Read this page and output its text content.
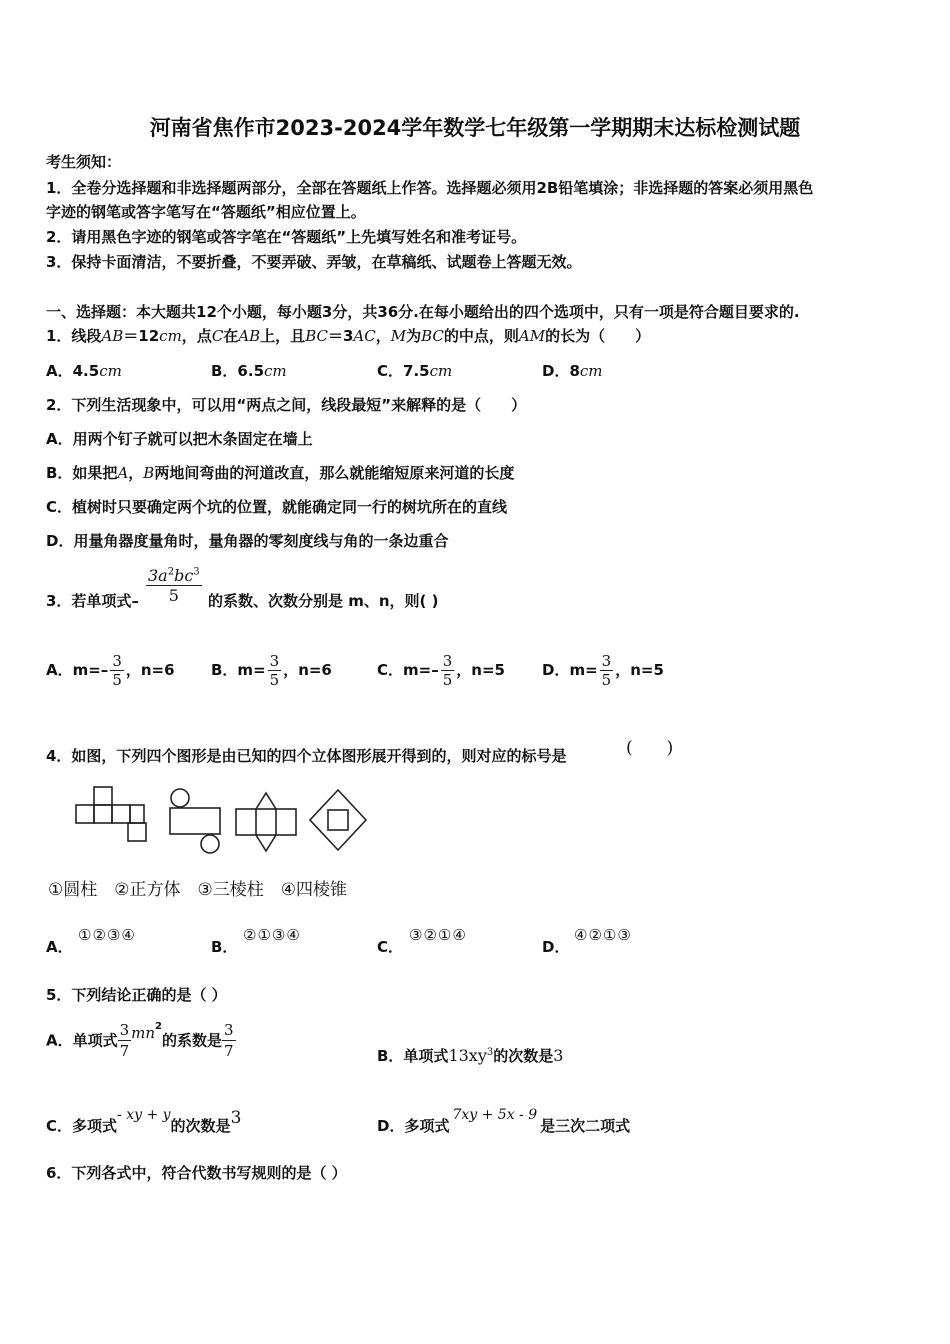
河南省焦作市2023-2024学年数学七年级第一学期期末达标检测试题
考生须知：
1．全卷分选择题和非选择题两部分，全部在答题纸上作答。选择题必须用2B铅笔填涂；非选择题的答案必须用黑色
字迹的钢笔或答字笔写在“答题纸”相应位置上。
2．请用黑色字迹的钢笔或答字笔在“答题纸”上先填写姓名和准考证号。
3．保持卡面清洁，不要折叠，不要弄破、弄皱，在草稿纸、试题卷上答题无效。
一、选择题：本大题共12个小题，每小题3分，共36分.在每小题给出的四个选项中，只有一项是符合题目要求的.
1．线段AB＝12cm，点C在AB上，且BC＝3AC，M为BC的中点，则AM的长为（　　）
A．4.5cm	B．6.5cm	C．7.5cm	D．8cm
2．下列生活现象中，可以用“两点之间，线段最短”来解释的是（　　）
A．用两个钉子就可以把木条固定在墙上
B．如果把A，B两地间弯曲的河道改直，那么就能缩短原来河道的长度
C．植树时只要确定两个坑的位置，就能确定同一行的树坑所在的直线
D．用量角器度量角时，量角器的零刻度线与角的一条边重合
3．若单项式– $\frac{3a^2bc^3}{5}$ 的系数、次数分别是 m、n，则( )
A．$m=- \frac{3}{5}$ ，n=6 B．$m= \frac{3}{5}$ ，n=6	C．$m=- \frac{3}{5}$ ，n=5 D．$m= \frac{3}{5}$ ，n=5
4．如图，下列四个图形是由已知的四个立体图形展开得到的，则对应的标号是	(　　)
①圆柱　②正方体　③三棱柱　④四棱锥
A．
①②③④
B．
②①③④
C．
③②①④
D．
④②①③
5．下列结论正确的是（ ）
A．单项式 $\frac{3}{7} mn^2$的系数是 $\frac{3}{7}$	B．单项式$13xy^3$的次数是3
C．多项式- xy + y的次数是3	D．多项式7xy + 5x - 9是三次二项式
6．下列各式中，符合代数书写规则的是（ ）
